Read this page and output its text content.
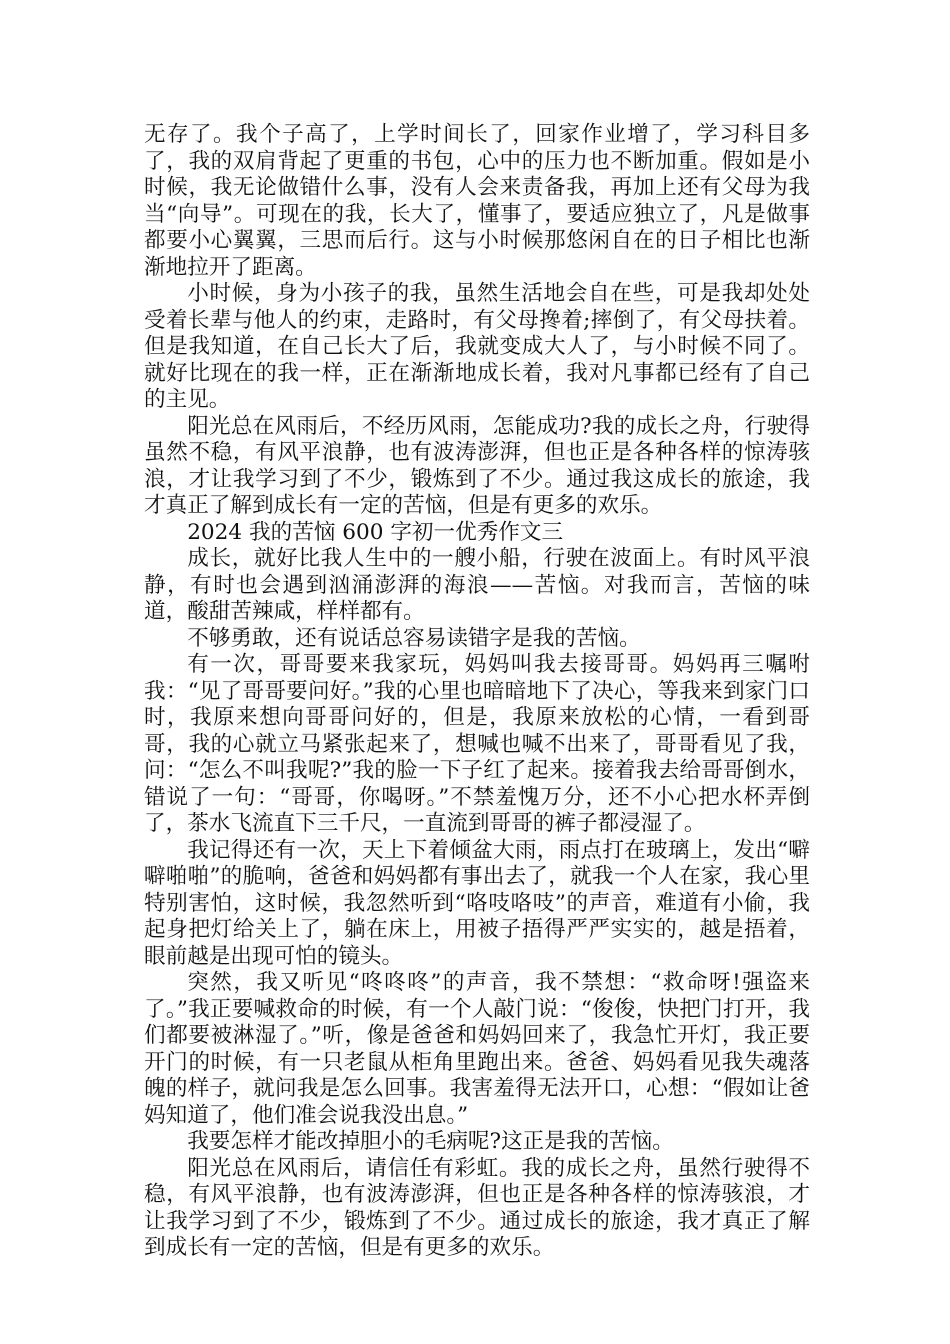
无存了。我个子高了，上学时间长了，回家作业增了，学习科目多了，我的双肩背起了更重的书包，心中的压力也不断加重。假如是小时候，我无论做错什么事，没有人会来责备我，再加上还有父母为我当“向导”。可现在的我，长大了，懂事了，要适应独立了，凡是做事都要小心翼翼，三思而后行。这与小时候那悠闲自在的日子相比也渐渐地拉开了距离。

小时候，身为小孩子的我，虽然生活地会自在些，可是我却处处受着长辈与他人的约束，走路时，有父母搀着;摔倒了，有父母扶着。但是我知道，在自己长大了后，我就变成大人了，与小时候不同了。就好比现在的我一样，正在渐渐地成长着，我对凡事都已经有了自己的主见。

阳光总在风雨后，不经历风雨，怎能成功?我的成长之舟，行驶得虽然不稳，有风平浪静，也有波涛澎湃，但也正是各种各样的惊涛骇浪，才让我学习到了不少，锻炼到了不少。通过我这成长的旅途，我才真正了解到成长有一定的苦恼，但是有更多的欢乐。

2024 我的苦恼 600 字初一优秀作文三

成长，就好比我人生中的一艘小船，行驶在波面上。有时风平浪静，有时也会遇到汹涌澎湃的海浪——苦恼。对我而言，苦恼的味道，酸甜苦辣咸，样样都有。

不够勇敢，还有说话总容易读错字是我的苦恼。

有一次，哥哥要来我家玩，妈妈叫我去接哥哥。妈妈再三嘱咐我：“见了哥哥要问好。”我的心里也暗暗地下了决心，等我来到家门口时，我原来想向哥哥问好的，但是，我原来放松的心情，一看到哥哥，我的心就立马紧张起来了，想喊也喊不出来了，哥哥看见了我，问：“怎么不叫我呢?”我的脸一下子红了起来。接着我去给哥哥倒水，错说了一句：“哥哥，你喝呀。”不禁羞愧万分，还不小心把水杯弄倒了，茶水飞流直下三千尺，一直流到哥哥的裤子都浸湿了。

我记得还有一次，天上下着倾盆大雨，雨点打在玻璃上，发出“噼噼啪啪”的脆响，爸爸和妈妈都有事出去了，就我一个人在家，我心里特别害怕，这时候，我忽然听到“咯吱咯吱”的声音，难道有小偷，我起身把灯给关上了，躺在床上，用被子捂得严严实实的，越是捂着，眼前越是出现可怕的镜头。

突然，我又听见“咚咚咚”的声音，我不禁想：“救命呀!强盗来了。”我正要喊救命的时候，有一个人敲门说：“俊俊，快把门打开，我们都要被淋湿了。”听，像是爸爸和妈妈回来了，我急忙开灯，我正要开门的时候，有一只老鼠从柜角里跑出来。爸爸、妈妈看见我失魂落魄的样子，就问我是怎么回事。我害羞得无法开口，心想：“假如让爸妈知道了，他们准会说我没出息。”

我要怎样才能改掉胆小的毛病呢?这正是我的苦恼。

阳光总在风雨后，请信任有彩虹。我的成长之舟，虽然行驶得不稳，有风平浪静，也有波涛澎湃，但也正是各种各样的惊涛骇浪，才让我学习到了不少，锻炼到了不少。通过成长的旅途，我才真正了解到成长有一定的苦恼，但是有更多的欢乐。
